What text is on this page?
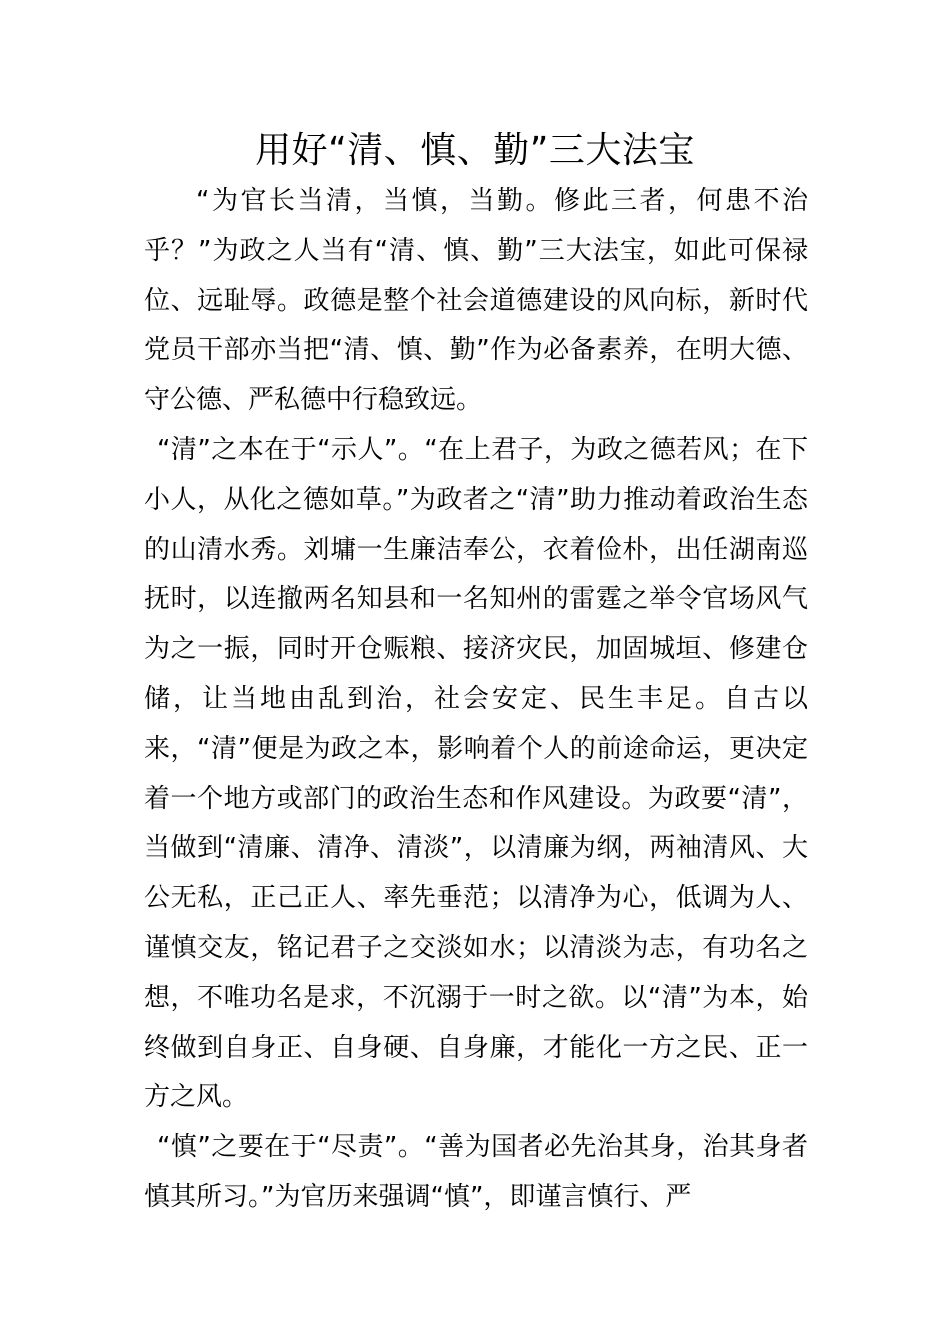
用好“清、慎、勤”三大法宝

“为官长当清，当慎，当勤。修此三者，何患不治乎？”为政之人当有“清、慎、勤”三大法宝，如此可保禄位、远耻辱。政德是整个社会道德建设的风向标，新时代党员干部亦当把“清、慎、勤”作为必备素养，在明大德、守公德、严私德中行稳致远。

“清”之本在于“示人”。“在上君子，为政之德若风；在下小人，从化之德如草。”为政者之“清”助力推动着政治生态的山清水秀。刘墉一生廉洁奉公，衣着俭朴，出任湖南巡抚时，以连撤两名知县和一名知州的雷霆之举令官场风气为之一振，同时开仓赈粮、接济灾民，加固城垣、修建仓储，让当地由乱到治，社会安定、民生丰足。自古以来，“清”便是为政之本，影响着个人的前途命运，更决定着一个地方或部门的政治生态和作风建设。为政要“清”，当做到“清廉、清净、清淡”，以清廉为纲，两袖清风、大公无私，正己正人、率先垂范；以清净为心，低调为人、谨慎交友，铭记君子之交淡如水；以清淡为志，有功名之想，不唯功名是求，不沉溺于一时之欲。以“清”为本，始终做到自身正、自身硬、自身廉，才能化一方之民、正一方之风。

“慎”之要在于“尽责”。“善为国者必先治其身，治其身者慎其所习。”为官历来强调“慎”，即谨言慎行、严
